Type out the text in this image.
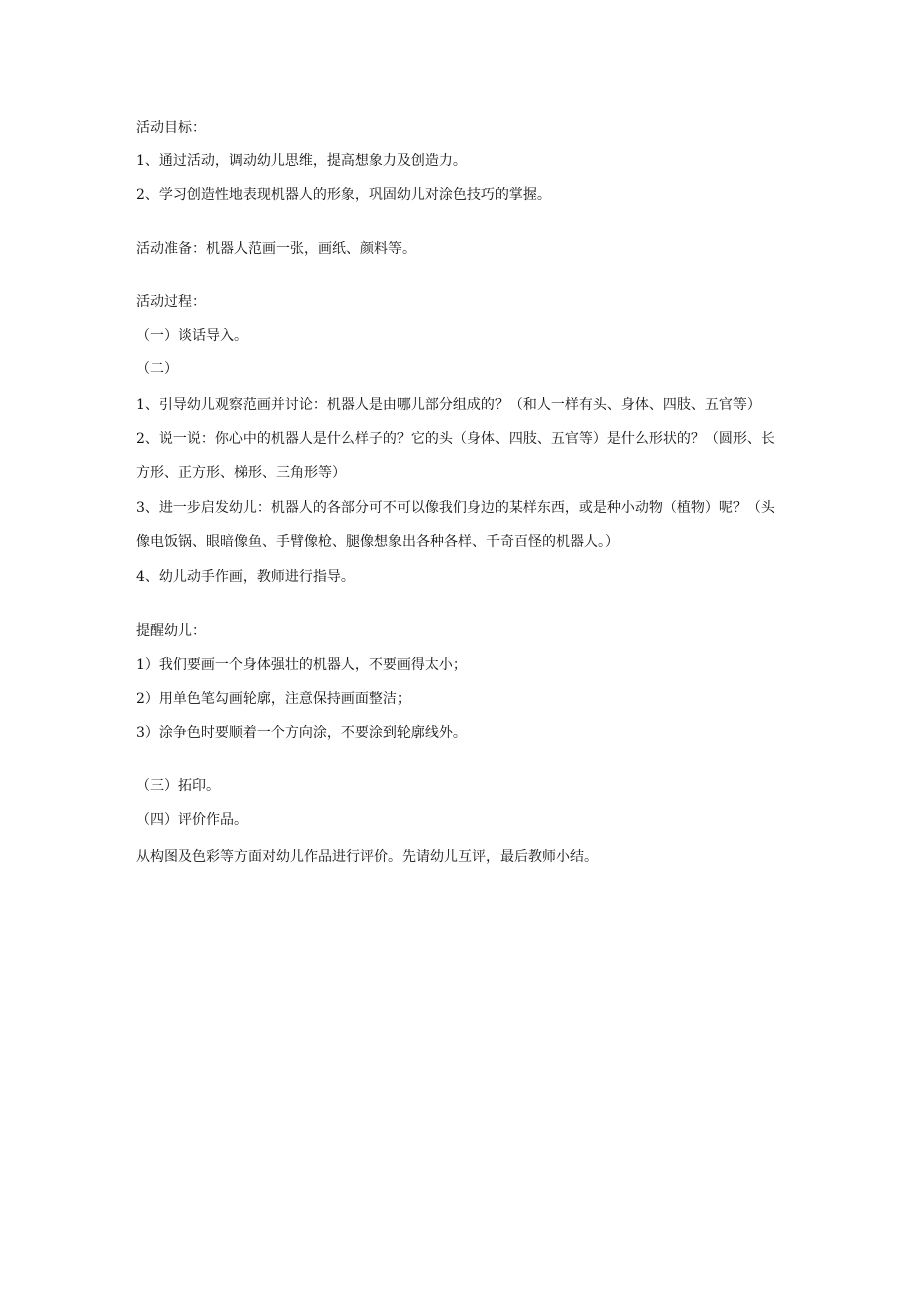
活动目标：
1、通过活动，调动幼儿思维，提高想象力及创造力。
2、学习创造性地表现机器人的形象，巩固幼儿对涂色技巧的掌握。
活动准备：机器人范画一张，画纸、颜料等。
活动过程：
（一）谈话导入。
（二）
1、引导幼儿观察范画并讨论：机器人是由哪儿部分组成的？（和人一样有头、身体、四肢、五官等）
2、说一说：你心中的机器人是什么样子的？它的头（身体、四肢、五官等）是什么形状的？（圆形、长
方形、正方形、梯形、三角形等）
3、进一步启发幼儿：机器人的各部分可不可以像我们身边的某样东西，或是种小动物（植物）呢？（头
像电饭锅、眼暗像鱼、手臂像枪、腿像想象出各种各样、千奇百怪的机器人。）
4、幼儿动手作画，教师进行指导。
提醒幼儿：
1）我们要画一个身体强壮的机器人，不要画得太小；
2）用单色笔勾画轮廓，注意保持画面整洁；
3）涂争色时要顺着一个方向涂，不要涂到轮廓线外。
（三）拓印。
（四）评价作品。
从构图及色彩等方面对幼儿作品进行评价。先请幼儿互评，最后教师小结。
